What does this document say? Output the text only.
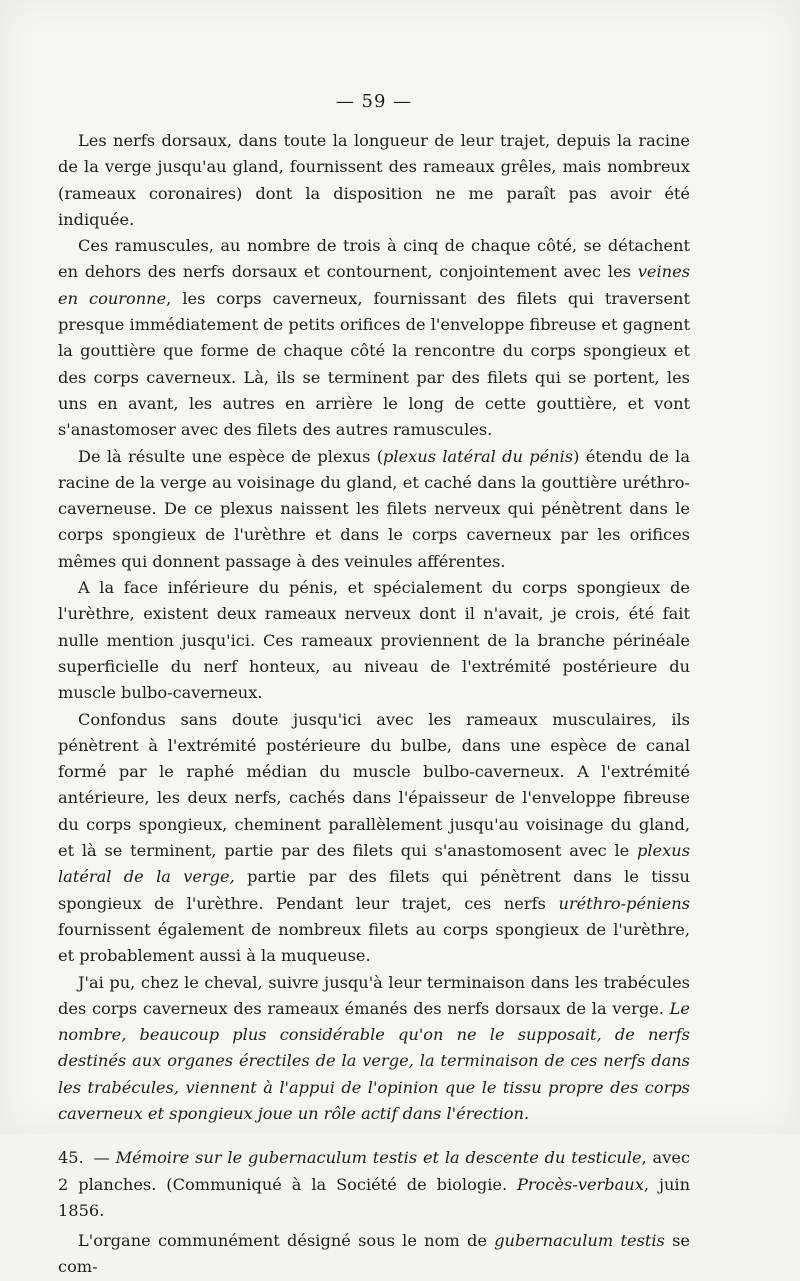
— 59 —

Les nerfs dorsaux, dans toute la longueur de leur trajet, depuis la racine de la verge jusqu'au gland, fournissent des rameaux grêles, mais nombreux (rameaux coronaires) dont la disposition ne me paraît pas avoir été indiquée.

Ces ramuscules, au nombre de trois à cinq de chaque côté, se détachent en dehors des nerfs dorsaux et contournent, conjointement avec les veines en couronne, les corps caverneux, fournissant des filets qui traversent presque immédiatement de petits orifices de l'enveloppe fibreuse et gagnent la gouttière que forme de chaque côté la rencontre du corps spongieux et des corps caverneux. Là, ils se terminent par des filets qui se portent, les uns en avant, les autres en arrière le long de cette gouttière, et vont s'anastomoser avec des filets des autres ramuscules.

De là résulte une espèce de plexus (plexus latéral du pénis) étendu de la racine de la verge au voisinage du gland, et caché dans la gouttière uréthro-caverneuse. De ce plexus naissent les filets nerveux qui pénètrent dans le corps spongieux de l'urèthre et dans le corps caverneux par les orifices mêmes qui donnent passage à des veinules afférentes.

A la face inférieure du pénis, et spécialement du corps spongieux de l'urèthre, existent deux rameaux nerveux dont il n'avait, je crois, été fait nulle mention jusqu'ici. Ces rameaux proviennent de la branche périnéale superficielle du nerf honteux, au niveau de l'extrémité postérieure du muscle bulbo-caverneux.

Confondus sans doute jusqu'ici avec les rameaux musculaires, ils pénètrent à l'extrémité postérieure du bulbe, dans une espèce de canal formé par le raphé médian du muscle bulbo-caverneux. A l'extrémité antérieure, les deux nerfs, cachés dans l'épaisseur de l'enveloppe fibreuse du corps spongieux, cheminent parallèlement jusqu'au voisinage du gland, et là se terminent, partie par des filets qui s'anastomosent avec le plexus latéral de la verge, partie par des filets qui pénètrent dans le tissu spongieux de l'urèthre. Pendant leur trajet, ces nerfs uréthro-péniens fournissent également de nombreux filets au corps spongieux de l'urèthre, et probablement aussi à la muqueuse.

J'ai pu, chez le cheval, suivre jusqu'à leur terminaison dans les trabécules des corps caverneux des rameaux émanés des nerfs dorsaux de la verge. Le nombre, beaucoup plus considérable qu'on ne le supposait, de nerfs destinés aux organes érectiles de la verge, la terminaison de ces nerfs dans les trabécules, viennent à l'appui de l'opinion que le tissu propre des corps caverneux et spongieux joue un rôle actif dans l'érection.

45. — Mémoire sur le gubernaculum testis et la descente du testicule, avec 2 planches. (Communiqué à la Société de biologie. Procès-verbaux, juin 1856.

L'organe communément désigné sous le nom de gubernaculum testis se com-
